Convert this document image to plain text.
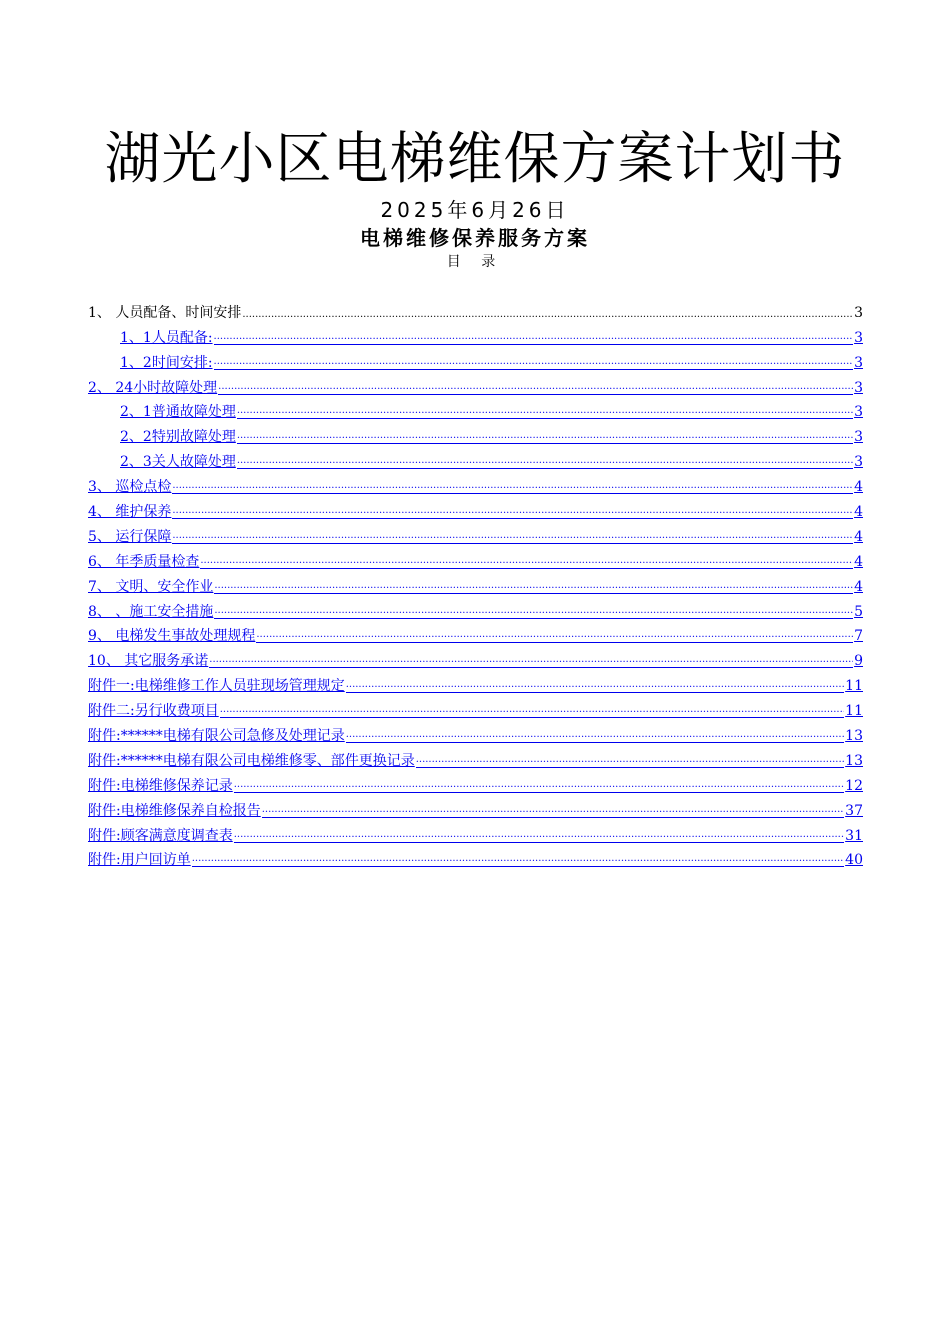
湖光小区电梯维保方案计划书
2025年6月26日
电梯维修保养服务方案
目 录
1、 人员配备、时间安排 .....	3
1、1人员配备: .....	3
1、2时间安排: .....	3
2、 24小时故障处理 .....	3
2、1普通故障处理 .....	3
2、2特别故障处理 .....	3
2、3关人故障处理 .....	3
3、 巡检点检 .....	4
4、 维护保养 .....	4
5、 运行保障 .....	4
6、 年季质量检查 .....	4
7、 文明、安全作业 .....	4
8、 、施工安全措施 .....	5
9、 电梯发生事故处理规程 .....	7
10、 其它服务承诺 .....	9
附件一:电梯维修工作人员驻现场管理规定 .....	11
附件二:另行收费项目 .....	11
附件:******电梯有限公司急修及处理记录 .....	13
附件:******电梯有限公司电梯维修零、部件更换记录 .....	13
附件:电梯维修保养记录 .....	12
附件:电梯维修保养自检报告 .....	37
附件:顾客满意度调查表 .....	31
附件:用户回访单 .....	40
